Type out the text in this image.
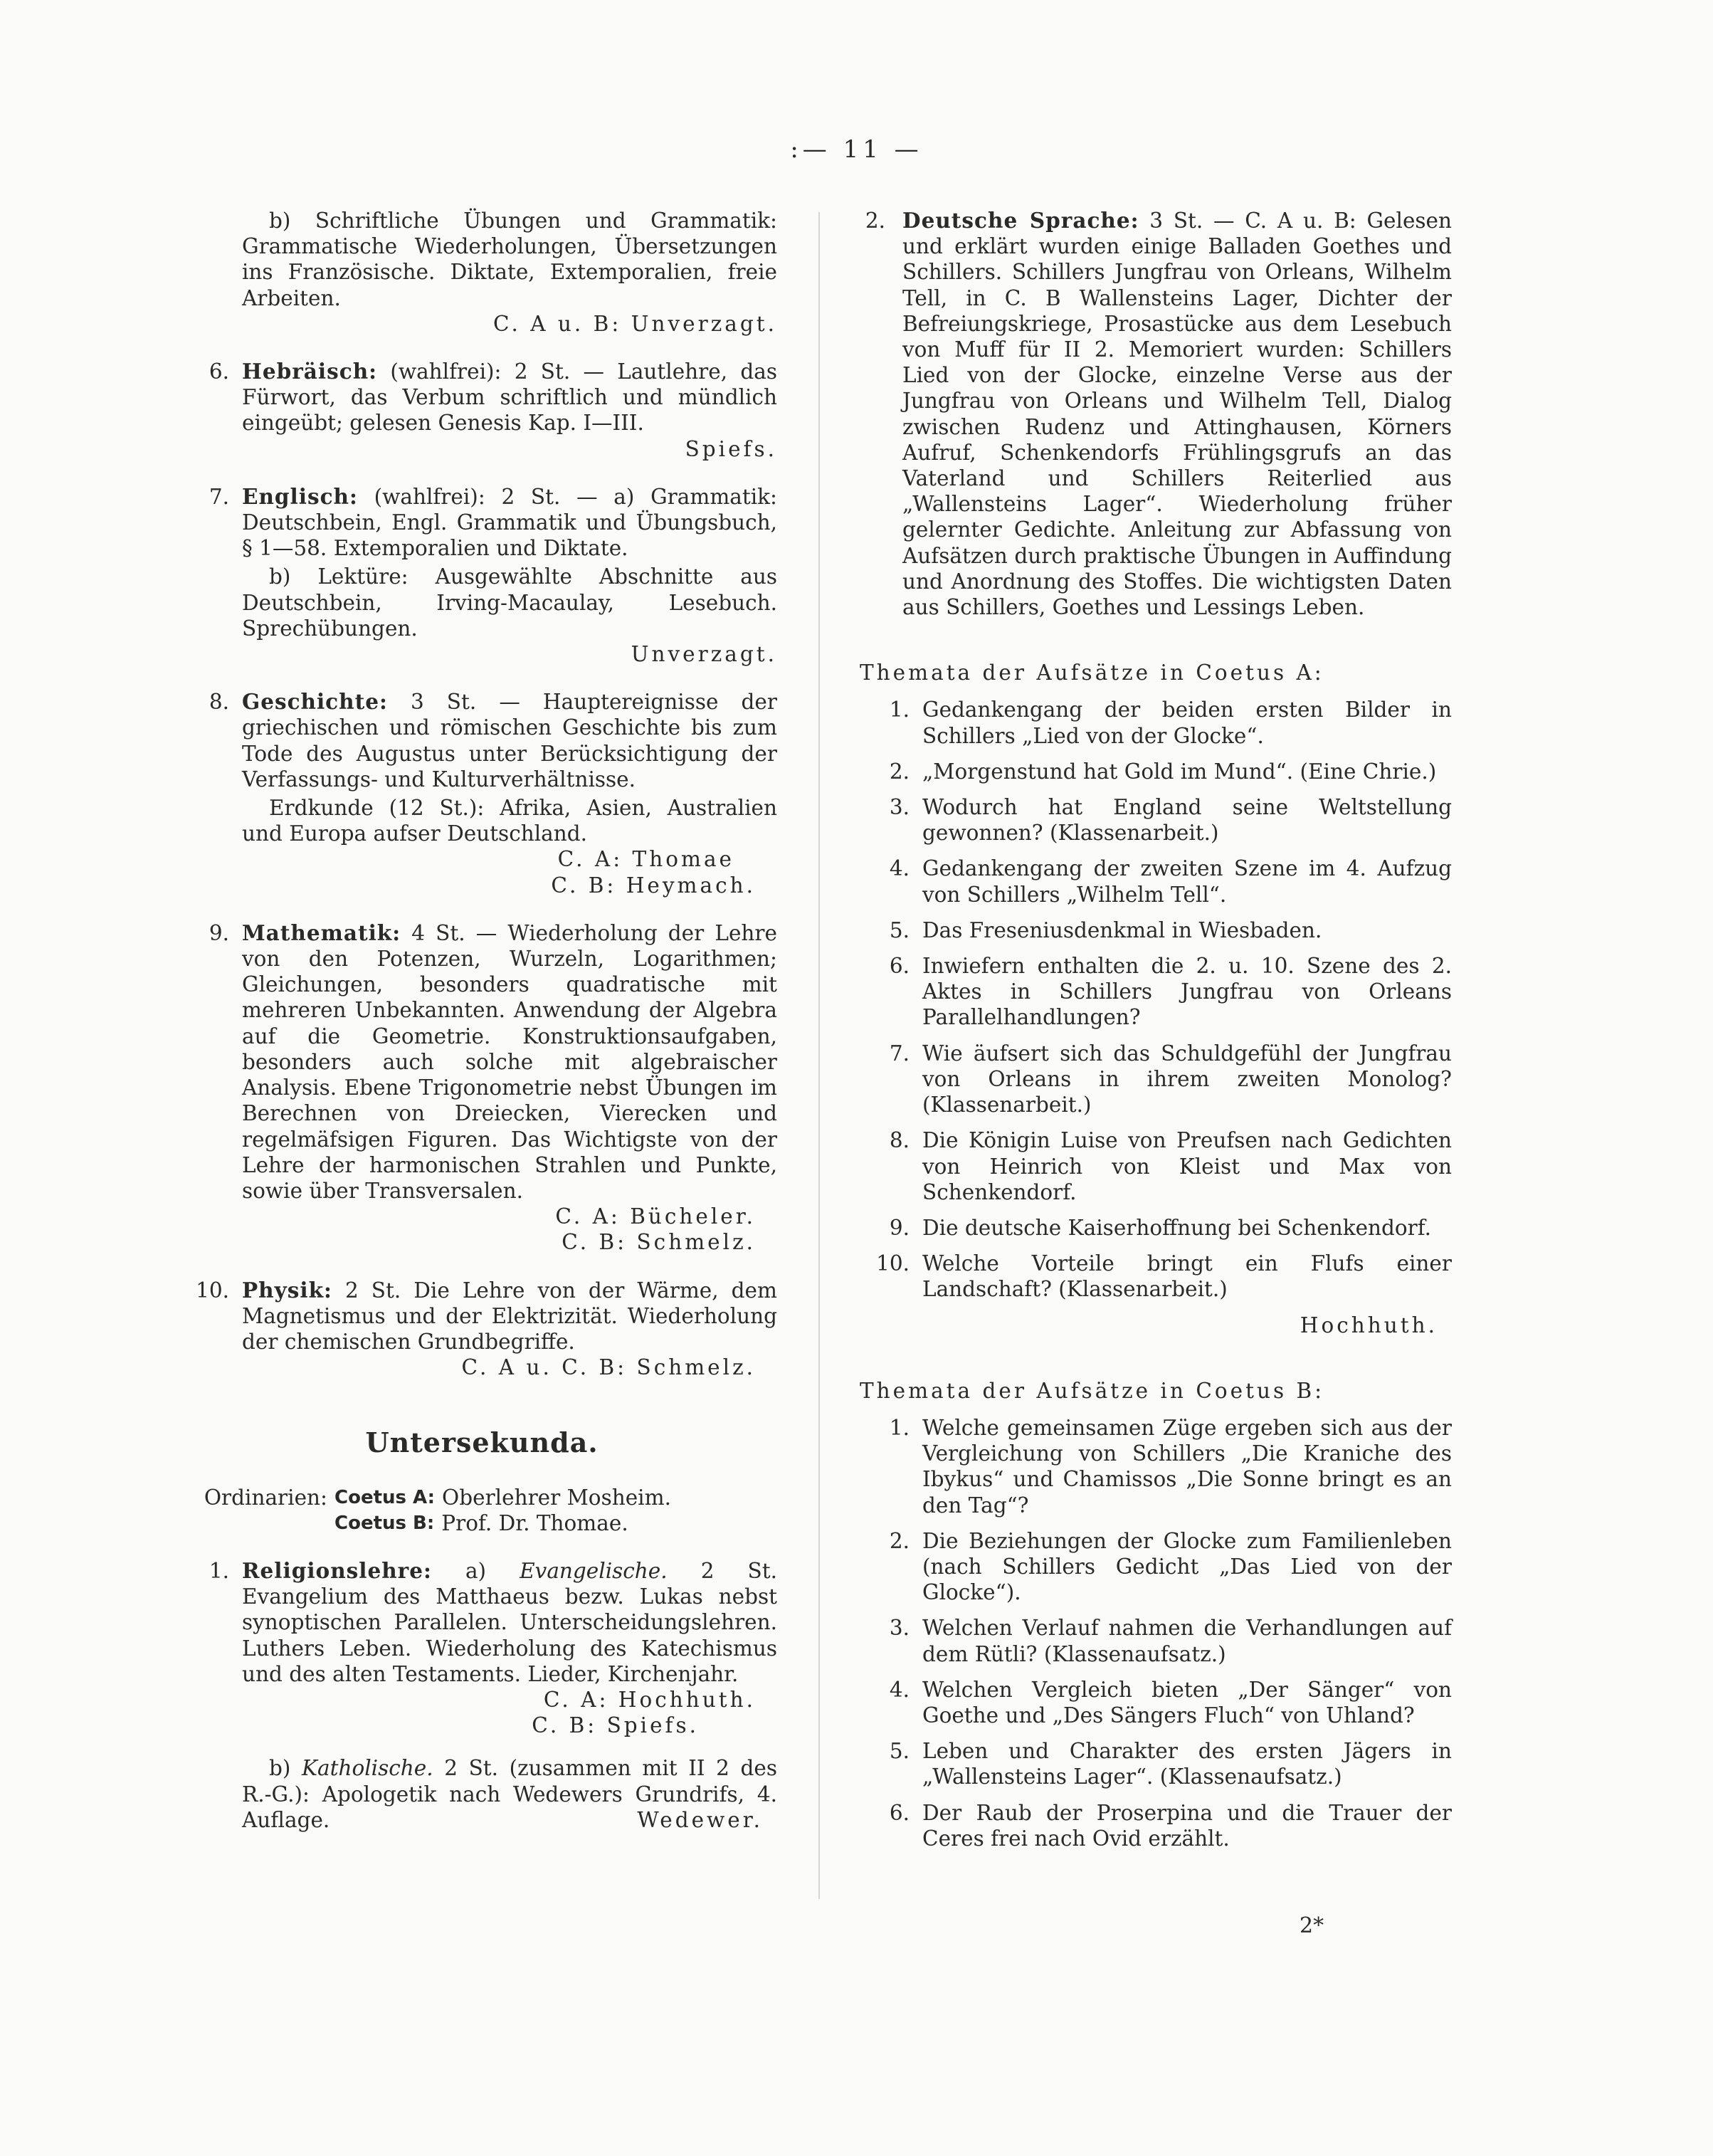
:— 11 —

b) Schriftliche Übungen und Grammatik: Grammatische Wiederholungen, Übersetzungen ins Französische. Diktate, Extemporalien, freie Arbeiten.

C. A u. B: Unverzagt.

6. Hebräisch: (wahlfrei): 2 St. — Lautlehre, das Fürwort, das Verbum schriftlich und mündlich eingeübt; gelesen Genesis Kap. I—III.

Spiefs.

7. Englisch: (wahlfrei): 2 St. — a) Grammatik: Deutschbein, Engl. Grammatik und Übungsbuch, § 1—58. Extemporalien und Diktate.

b) Lektüre: Ausgewählte Abschnitte aus Deutschbein, Irving-Macaulay, Lesebuch. Sprechübungen.

Unverzagt.

8. Geschichte: 3 St. — Hauptereignisse der griechischen und römischen Geschichte bis zum Tode des Augustus unter Berücksichtigung der Verfassungs- und Kulturverhältnisse.

Erdkunde (12 St.): Afrika, Asien, Australien und Europa aufser Deutschland.

C. A: Thomae

C. B: Heymach.

9. Mathematik: 4 St. — Wiederholung der Lehre von den Potenzen, Wurzeln, Logarithmen; Gleichungen, besonders quadratische mit mehreren Unbekannten. Anwendung der Algebra auf die Geometrie. Konstruktionsaufgaben, besonders auch solche mit algebraischer Analysis. Ebene Trigonometrie nebst Übungen im Berechnen von Dreiecken, Vierecken und regelmäfsigen Figuren. Das Wichtigste von der Lehre der harmonischen Strahlen und Punkte, sowie über Transversalen.

C. A: Bücheler.

C. B: Schmelz.

10. Physik: 2 St. Die Lehre von der Wärme, dem Magnetismus und der Elektrizität. Wiederholung der chemischen Grundbegriffe.

C. A u. C. B: Schmelz.

Untersekunda.
Ordinarien: Coetus A: Oberlehrer Mosheim.
Coetus B: Prof. Dr. Thomae.
1. Religionslehre: a) Evangelische. 2 St. Evangelium des Matthaeus bezw. Lukas nebst synoptischen Parallelen. Unterscheidungslehren. Luthers Leben. Wiederholung des Katechismus und des alten Testaments. Lieder, Kirchenjahr.

C. A: Hochhuth.

C. B: Spiefs.

b) Katholische. 2 St. (zusammen mit II 2 des R.-G.): Apologetik nach Wedewers Grundrifs, 4. Auflage.	Wedewer.

2. Deutsche Sprache: 3 St. — C. A u. B: Gelesen und erklärt wurden einige Balladen Goethes und Schillers. Schillers Jungfrau von Orleans, Wilhelm Tell, in C. B Wallensteins Lager, Dichter der Befreiungskriege, Prosastücke aus dem Lesebuch von Muff für II 2. Memoriert wurden: Schillers Lied von der Glocke, einzelne Verse aus der Jungfrau von Orleans und Wilhelm Tell, Dialog zwischen Rudenz und Attinghausen, Körners Aufruf, Schenkendorfs Frühlingsgrufs an das Vaterland und Schillers Reiterlied aus „Wallensteins Lager“. Wiederholung früher gelernter Gedichte. Anleitung zur Abfassung von Aufsätzen durch praktische Übungen in Auffindung und Anordnung des Stoffes. Die wichtigsten Daten aus Schillers, Goethes und Lessings Leben.
Themata der Aufsätze in Coetus A:
1. Gedankengang der beiden ersten Bilder in Schillers „Lied von der Glocke“.
2. „Morgenstund hat Gold im Mund“. (Eine Chrie.)
3. Wodurch hat England seine Weltstellung gewonnen? (Klassenarbeit.)
4. Gedankengang der zweiten Szene im 4. Aufzug von Schillers „Wilhelm Tell“.
5. Das Freseniusdenkmal in Wiesbaden.
6. Inwiefern enthalten die 2. u. 10. Szene des 2. Aktes in Schillers Jungfrau von Orleans Parallelhandlungen?
7. Wie äufsert sich das Schuldgefühl der Jungfrau von Orleans in ihrem zweiten Monolog? (Klassenarbeit.)
8. Die Königin Luise von Preufsen nach Gedichten von Heinrich von Kleist und Max von Schenkendorf.
9. Die deutsche Kaiserhoffnung bei Schenkendorf.
10. Welche Vorteile bringt ein Flufs einer Landschaft? (Klassenarbeit.)

Hochhuth.

Themata der Aufsätze in Coetus B:
1. Welche gemeinsamen Züge ergeben sich aus der Vergleichung von Schillers „Die Kraniche des Ibykus“ und Chamissos „Die Sonne bringt es an den Tag“?
2. Die Beziehungen der Glocke zum Familienleben (nach Schillers Gedicht „Das Lied von der Glocke“).
3. Welchen Verlauf nahmen die Verhandlungen auf dem Rütli? (Klassenaufsatz.)
4. Welchen Vergleich bieten „Der Sänger“ von Goethe und „Des Sängers Fluch“ von Uhland?
5. Leben und Charakter des ersten Jägers in „Wallensteins Lager“. (Klassenaufsatz.)
6. Der Raub der Proserpina und die Trauer der Ceres frei nach Ovid erzählt.
2*
